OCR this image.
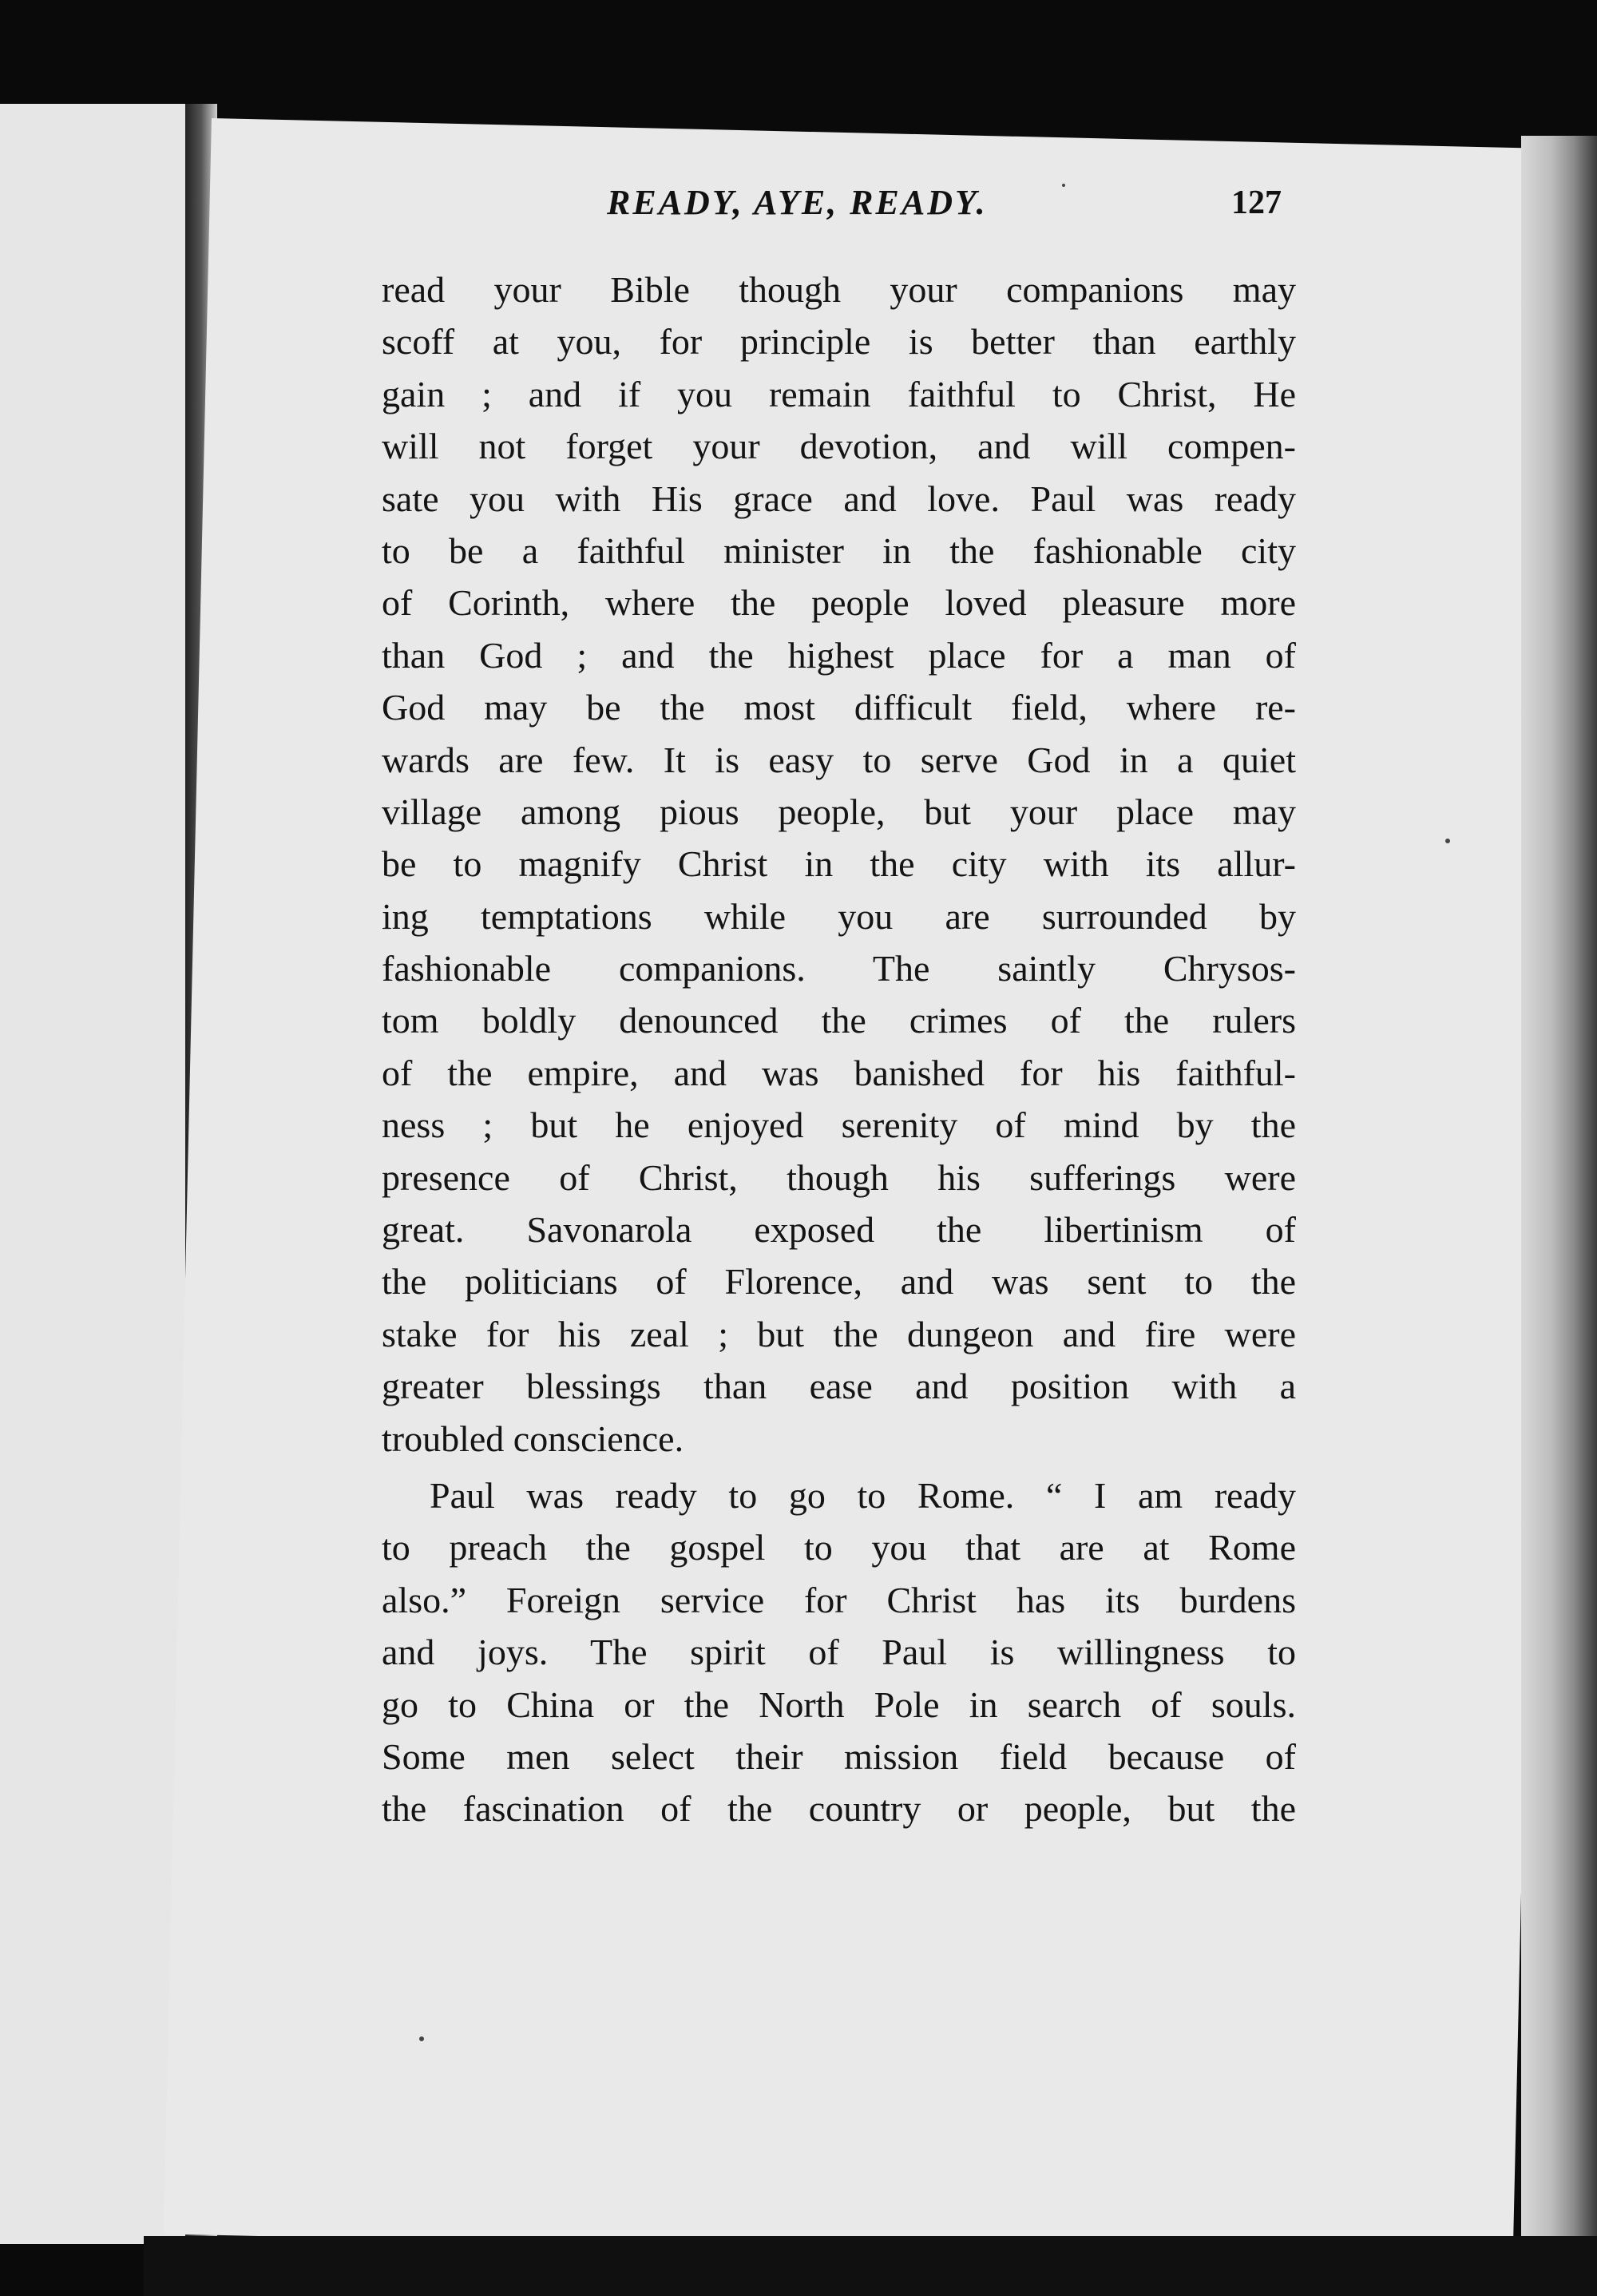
READY, AYE, READY.	127
read your Bible though your companions may
scoff at you, for principle is better than earthly
gain ; and if you remain faithful to Christ, He
will not forget your devotion, and will compen-
sate you with His grace and love. Paul was ready
to be a faithful minister in the fashionable city
of Corinth, where the people loved pleasure more
than God ; and the highest place for a man of
God may be the most difficult field, where re-
wards are few. It is easy to serve God in a quiet
village among pious people, but your place may
be to magnify Christ in the city with its allur-
ing temptations while you are surrounded by
fashionable companions. The saintly Chrysos-
tom boldly denounced the crimes of the rulers
of the empire, and was banished for his faithful-
ness ; but he enjoyed serenity of mind by the
presence of Christ, though his sufferings were
great. Savonarola exposed the libertinism of
the politicians of Florence, and was sent to the
stake for his zeal ; but the dungeon and fire were
greater blessings than ease and position with a
troubled conscience.
Paul was ready to go to Rome. “ I am ready
to preach the gospel to you that are at Rome
also.” Foreign service for Christ has its burdens
and joys. The spirit of Paul is willingness to
go to China or the North Pole in search of souls.
Some men select their mission field because of
the fascination of the country or people, but the
